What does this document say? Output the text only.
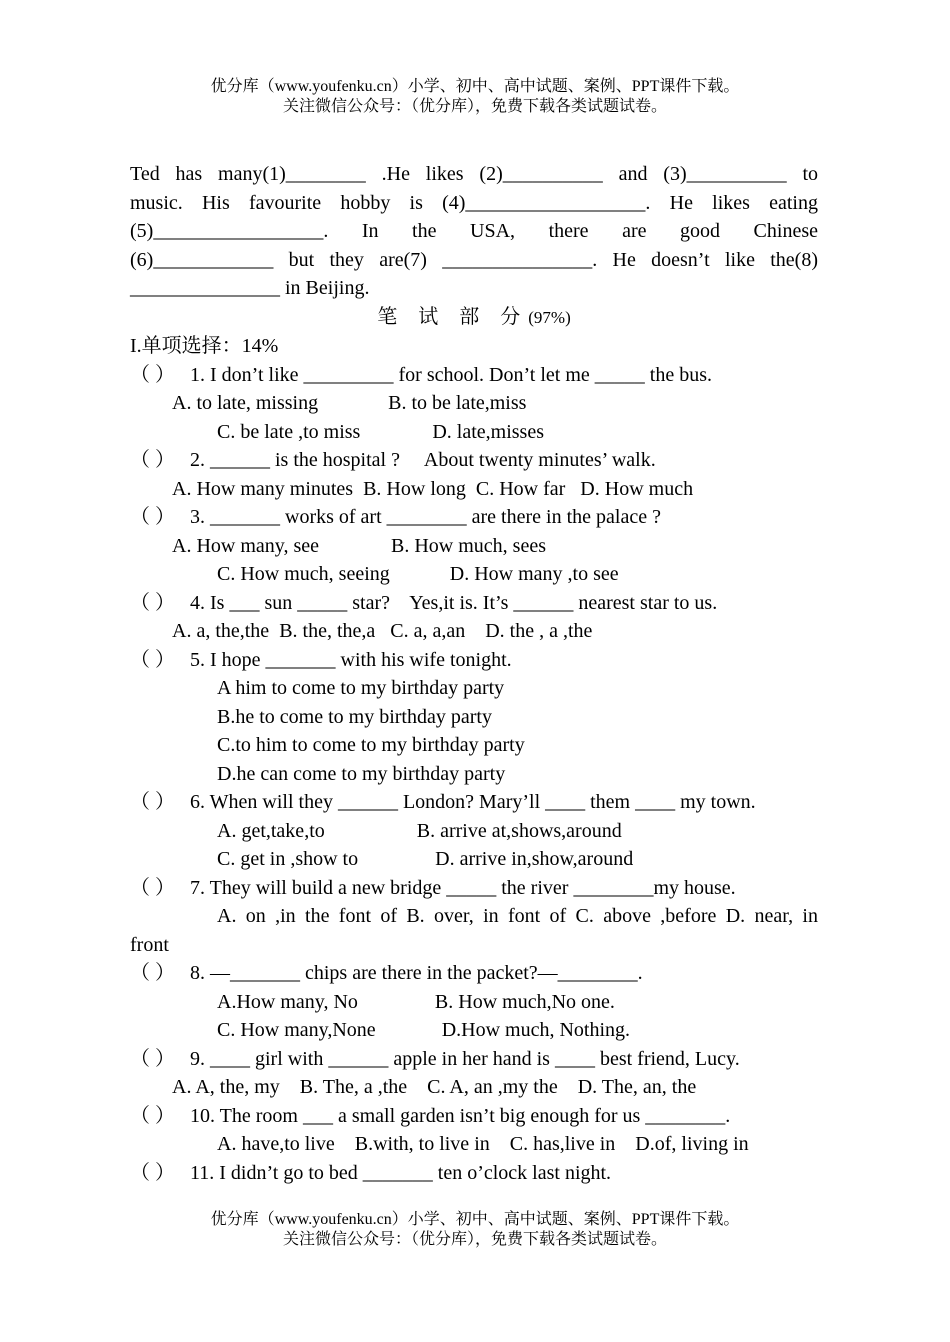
优分库（www.youfenku.cn）小学、初中、高中试题、案例、PPT课件下载。
关注微信公众号：（优分库），免费下载各类试题试卷。
Ted has many(1)________ .He likes (2)__________ and (3)__________ to
music. His favourite hobby is (4)__________________. He likes eating
(5)_________________. In the USA, there are good Chinese
(6)____________ but they are(7) _______________. He doesn’t like the(8)
_______________ in Beijing.
笔 试 部 分(97%)
I.单项选择：14%
（ ） 1. I don’t like _________ for school. Don’t let me _____ the bus.
A. to late, missing	B. to be late,miss
C. be late ,to miss	D. late,misses
（ ） 2. ______ is the hospital ?     About twenty minutes’ walk.
A. How many minutes  B. How long  C. How far   D. How much
（ ） 3. _______ works of art ________ are there in the palace ?
A. How many, see	B. How much, sees
C. How much, seeing	D. How many ,to see
（ ） 4. Is ___ sun _____ star?    Yes,it is. It’s ______ nearest star to us.
A. a, the,the  B. the, the,a   C. a, a,an    D. the , a ,the
（ ） 5. I hope _______ with his wife tonight.
A him to come to my birthday party
B.he to come to my birthday party
C.to him to come to my birthday party
D.he can come to my birthday party
（ ） 6. When will they ______ London? Mary’ll ____ them ____ my town.
A. get,take,to	B. arrive at,shows,around
C. get in ,show to	D. arrive in,show,around
（ ） 7. They will build a new bridge _____ the river ________my house.
A. on ,in the font of B. over, in font of C. above ,before D. near, in
front
（ ） 8. —_______ chips are there in the packet?—________.
A.How many, No	B. How much,No one.
C. How many,None	D.How much, Nothing.
（ ） 9. ____ girl with ______ apple in her hand is ____ best friend, Lucy.
A. A, the, my    B. The, a ,the    C. A, an ,my the    D. The, an, the
（ ） 10. The room ___ a small garden isn’t big enough for us ________.
A. have,to live    B.with, to live in    C. has,live in    D.of, living in
（ ） 11. I didn’t go to bed _______ ten o’clock last night.
优分库（www.youfenku.cn）小学、初中、高中试题、案例、PPT课件下载。
关注微信公众号：（优分库），免费下载各类试题试卷。
